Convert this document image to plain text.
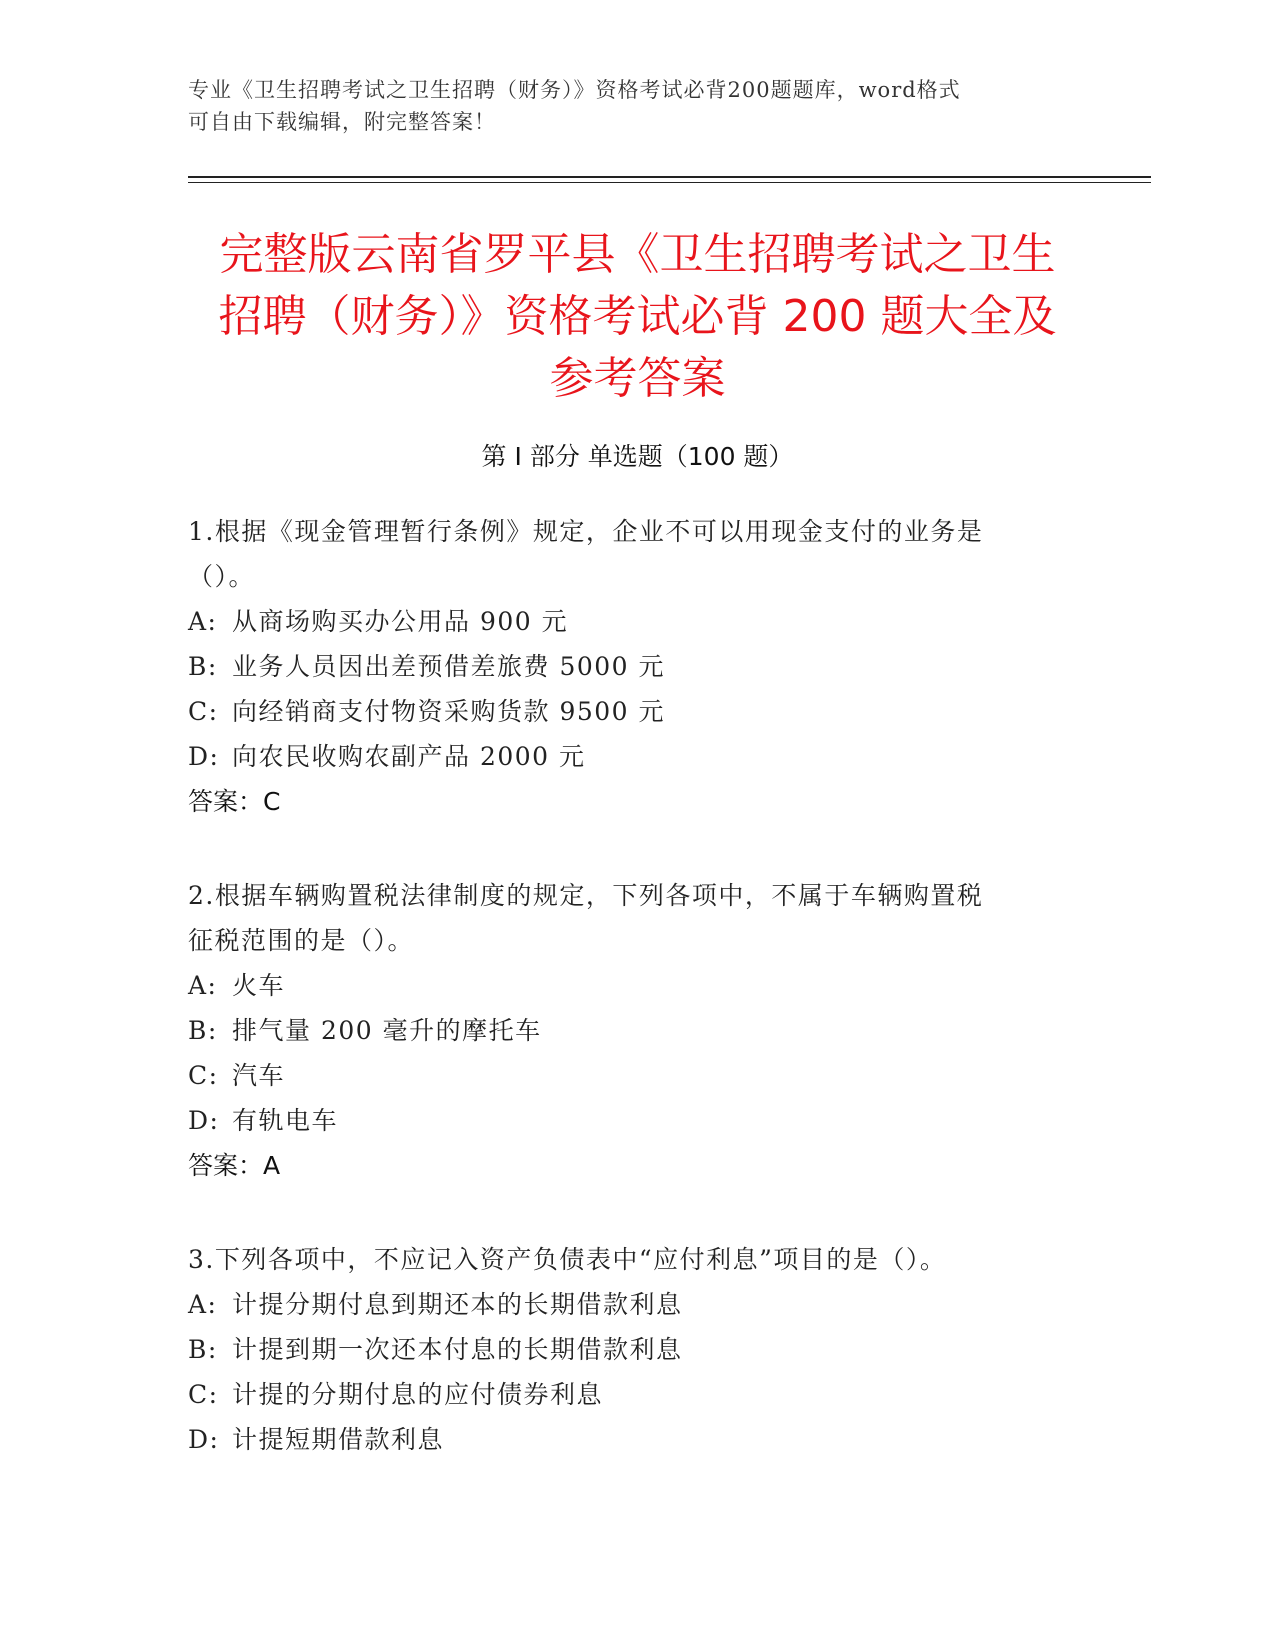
专业《卫生招聘考试之卫生招聘（财务）》资格考试必背200题题库，word格式
可自由下载编辑，附完整答案！
完整版云南省罗平县《卫生招聘考试之卫生
招聘（财务）》资格考试必背 200 题大全及
参考答案
第 I 部分 单选题（100 题）
1.根据《现金管理暂行条例》规定，企业不可以用现金支付的业务是
（）。
A: 从商场购买办公用品 900 元
B: 业务人员因出差预借差旅费 5000 元
C: 向经销商支付物资采购货款 9500 元
D: 向农民收购农副产品 2000 元
答案：C
2.根据车辆购置税法律制度的规定，下列各项中，不属于车辆购置税
征税范围的是（）。
A: 火车
B: 排气量 200 毫升的摩托车
C: 汽车
D: 有轨电车
答案：A
3.下列各项中，不应记入资产负债表中“应付利息”项目的是（）。
A: 计提分期付息到期还本的长期借款利息
B: 计提到期一次还本付息的长期借款利息
C: 计提的分期付息的应付债券利息
D: 计提短期借款利息
